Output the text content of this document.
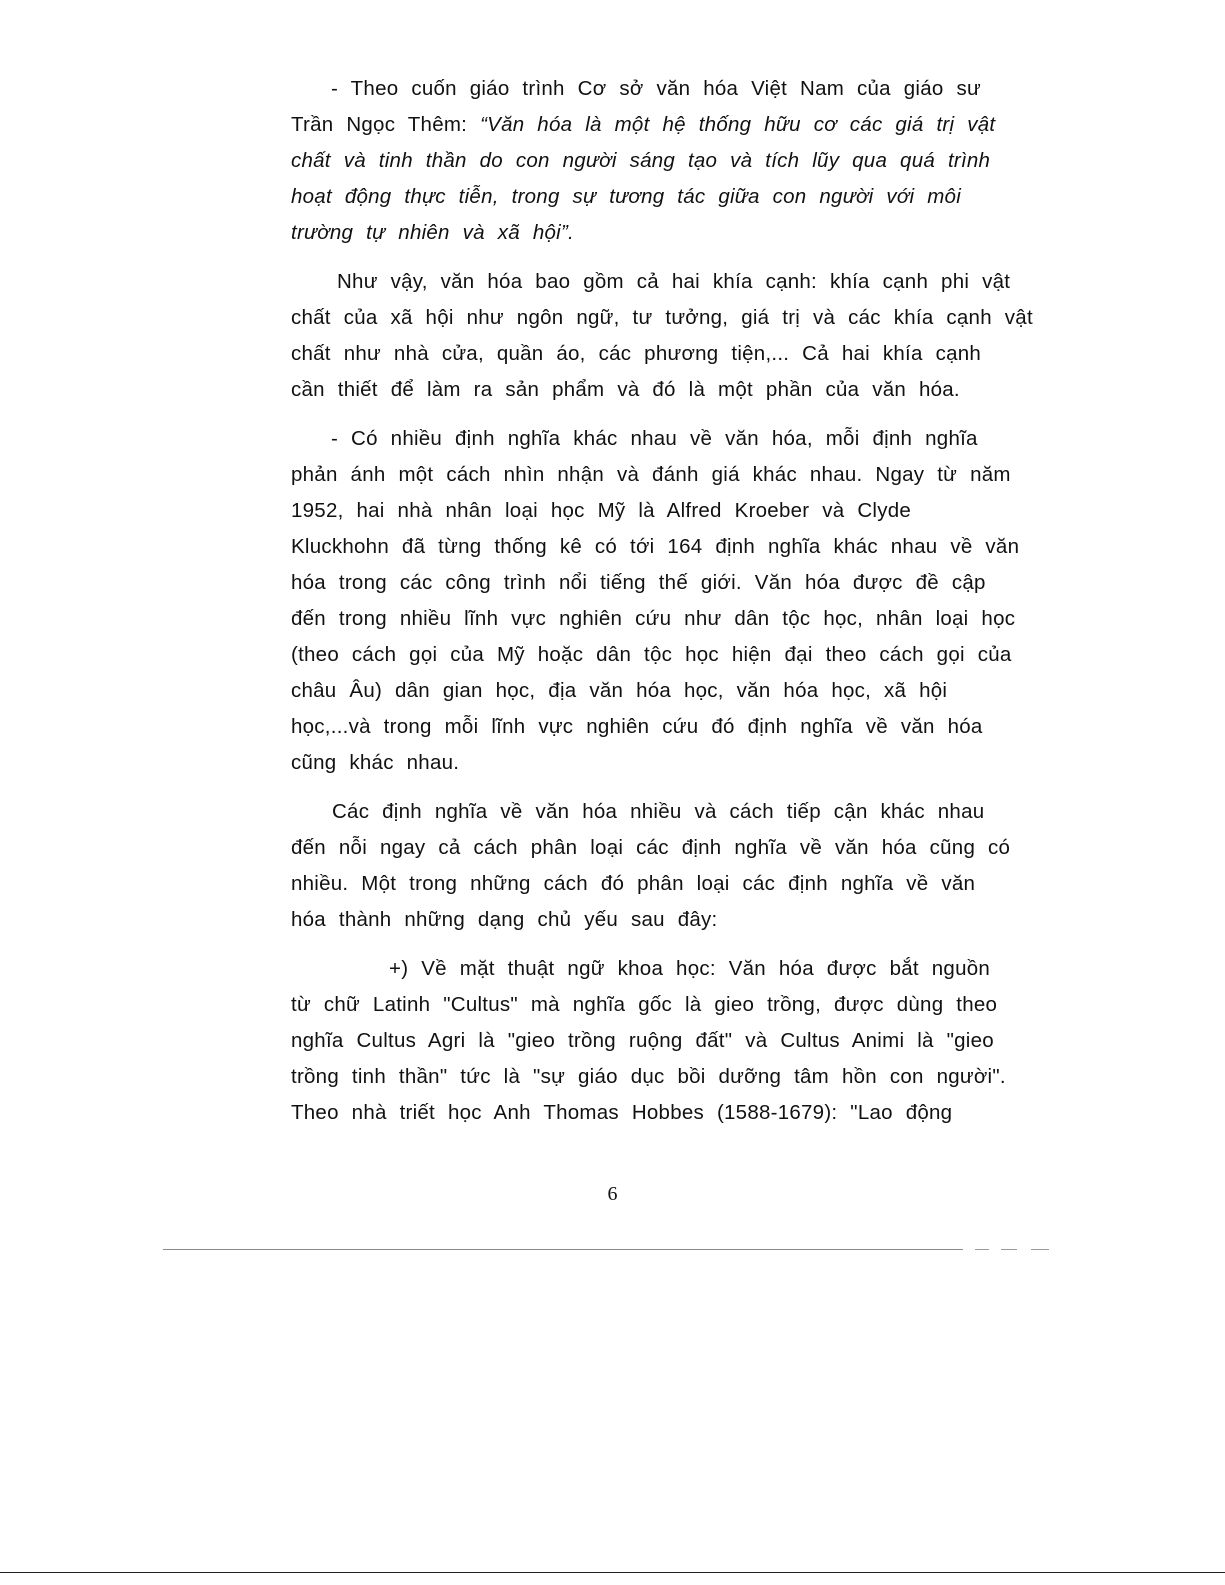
- Theo cuốn giáo trình Cơ sở văn hóa Việt Nam của giáo sư
Trần Ngọc Thêm: “Văn hóa là một hệ thống hữu cơ các giá trị vật
chất và tinh thần do con người sáng tạo và tích lũy qua quá trình
hoạt động thực tiễn, trong sự tương tác giữa con người với môi
trường tự nhiên và xã hội”.
Như vậy, văn hóa bao gồm cả hai khía cạnh: khía cạnh phi vật
chất của xã hội như ngôn ngữ, tư tưởng, giá trị và các khía cạnh vật
chất như nhà cửa, quần áo, các phương tiện,... Cả hai khía cạnh
cần thiết để làm ra sản phẩm và đó là một phần của văn hóa.
- Có nhiều định nghĩa khác nhau về văn hóa, mỗi định nghĩa
phản ánh một cách nhìn nhận và đánh giá khác nhau. Ngay từ năm
1952, hai nhà nhân loại học Mỹ là Alfred Kroeber và Clyde
Kluckhohn đã từng thống kê có tới 164 định nghĩa khác nhau về văn
hóa trong các công trình nổi tiếng thế giới. Văn hóa được đề cập
đến trong nhiều lĩnh vực nghiên cứu như dân tộc học, nhân loại học
(theo cách gọi của Mỹ hoặc dân tộc học hiện đại theo cách gọi của
châu Âu) dân gian học, địa văn hóa học, văn hóa học, xã hội
học,...và trong mỗi lĩnh vực nghiên cứu đó định nghĩa về văn hóa
cũng khác nhau.
Các định nghĩa về văn hóa nhiều và cách tiếp cận khác nhau
đến nỗi ngay cả cách phân loại các định nghĩa về văn hóa cũng có
nhiều. Một trong những cách đó phân loại các định nghĩa về văn
hóa thành những dạng chủ yếu sau đây:
+) Về mặt thuật ngữ khoa học: Văn hóa được bắt nguồn
từ chữ Latinh "Cultus" mà nghĩa gốc là gieo trồng, được dùng theo
nghĩa Cultus Agri là "gieo trồng ruộng đất" và Cultus Animi là "gieo
trồng tinh thần" tức là "sự giáo dục bồi dưỡng tâm hồn con người".
Theo nhà triết học Anh Thomas Hobbes (1588-1679): "Lao động
6
